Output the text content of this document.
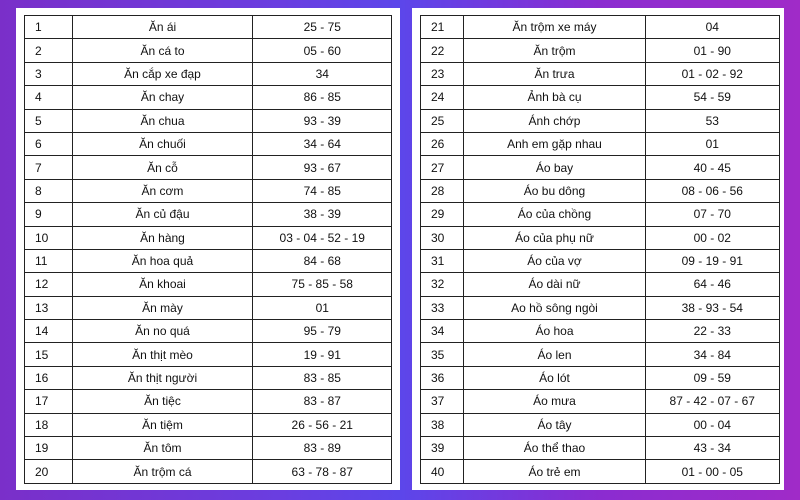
1	Ăn ái	25 - 75
2	Ăn cá to	05 - 60
3	Ăn cắp xe đạp	34
4	Ăn chay	86 - 85
5	Ăn chua	93 - 39
6	Ăn chuối	34 - 64
7	Ăn cỗ	93 - 67
8	Ăn cơm	74 - 85
9	Ăn củ đậu	38 - 39
10	Ăn hàng	03 - 04 - 52 - 19
11	Ăn hoa quả	84 - 68
12	Ăn khoai	75 - 85 - 58
13	Ăn mày	01
14	Ăn no quá	95 - 79
15	Ăn thịt mèo	19 - 91
16	Ăn thịt người	83 - 85
17	Ăn tiệc	83 - 87
18	Ăn tiệm	26 - 56 - 21
19	Ăn tôm	83 - 89
20	Ăn trộm cá	63 - 78 - 87
21	Ăn trộm xe máy	04
22	Ăn trộm	01 - 90
23	Ăn trưa	01 - 02 - 92
24	Ảnh bà cụ	54 - 59
25	Ánh chớp	53
26	Anh em gặp nhau	01
27	Áo bay	40 - 45
28	Áo bu dông	08 - 06 - 56
29	Áo của chồng	07 - 70
30	Áo của phụ nữ	00 - 02
31	Áo của vợ	09 - 19 - 91
32	Áo dài nữ	64 - 46
33	Ao hồ sông ngòi	38 - 93 - 54
34	Áo hoa	22 - 33
35	Áo len	34 - 84
36	Áo lót	09 - 59
37	Áo mưa	87 - 42 - 07 - 67
38	Áo tây	00 - 04
39	Áo thể thao	43 - 34
40	Áo trẻ em	01 - 00 - 05
